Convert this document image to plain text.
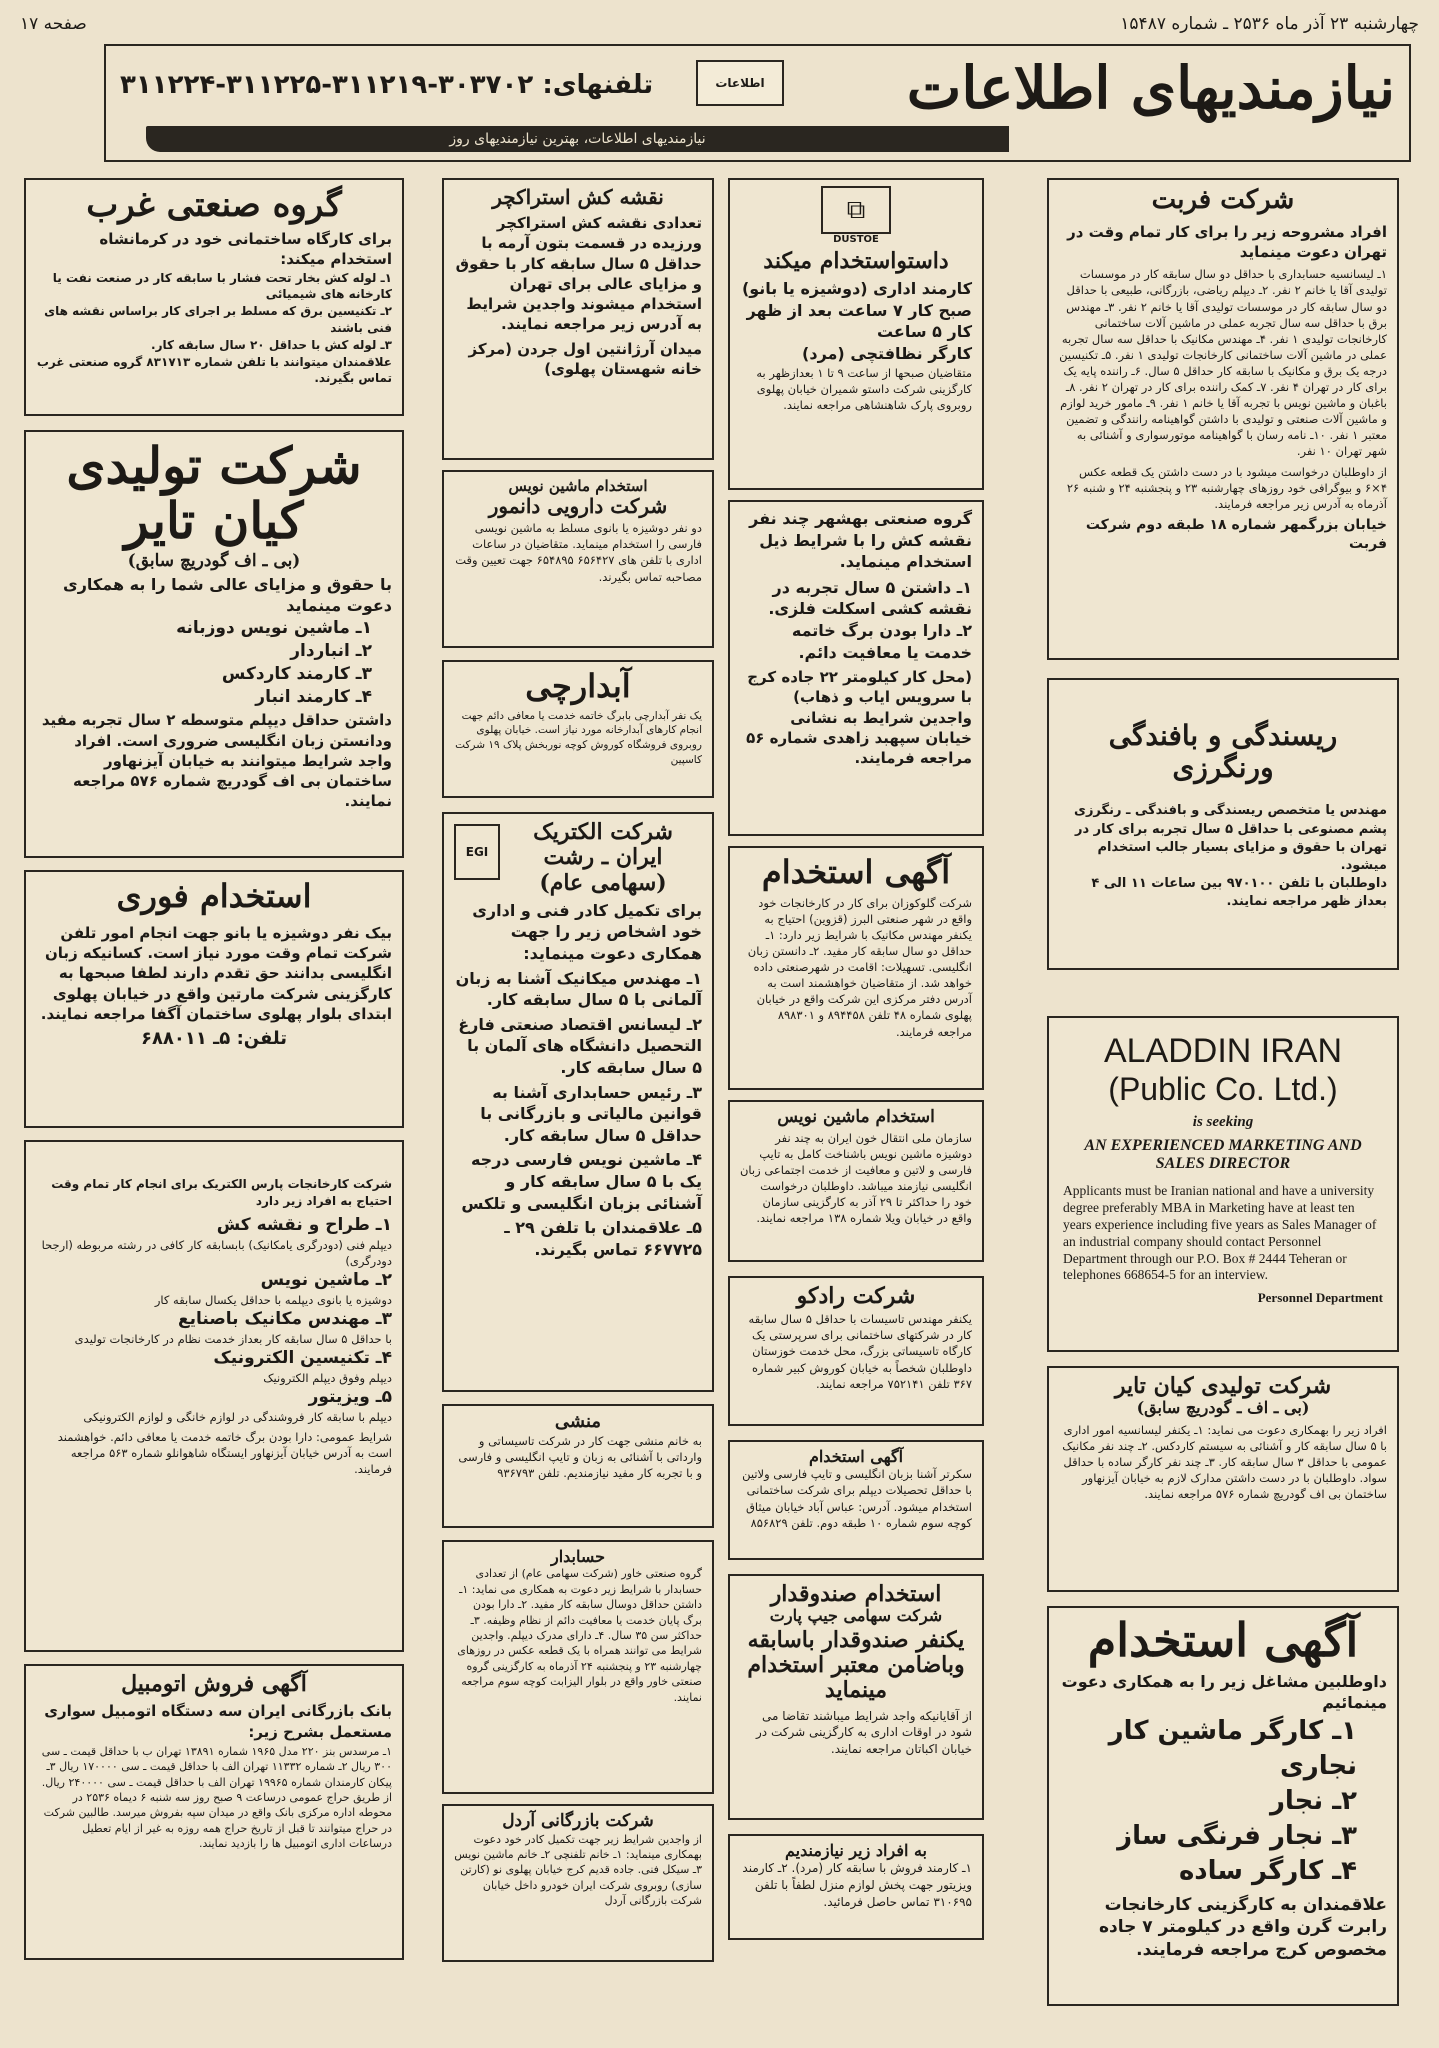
چهارشنبه ۲۳ آذر ماه ۲۵۳۶ ـ شماره ۱۵۴۸۷
صفحه ۱۷
نیازمندیهای اطلاعات
اطلاعات
تلفنهای: ۳۰۳۷۰۲-۳۱۱۲۱۹-۳۱۱۲۲۵-۳۱۱۲۲۴
نیازمندیهای اطلاعات، بهترین نیازمندیهای روز
شرکت فربت
افراد مشروحه زیر را برای کار تمام وقت در تهران دعوت مینماید
۱ـ لیسانسیه حسابداری با حداقل دو سال سابقه کار در موسسات تولیدی آقا یا خانم ۲ نفر. ۲ـ دیپلم ریاضی، بازرگانی، طبیعی با حداقل دو سال سابقه کار در موسسات تولیدی آقا یا خانم ۲ نفر. ۳ـ مهندس برق با حداقل سه سال تجربه عملی در ماشین آلات ساختمانی کارخانجات تولیدی ۱ نفر. ۴ـ مهندس مکانیک با حداقل سه سال تجربه عملی در ماشین آلات ساختمانی کارخانجات تولیدی ۱ نفر. ۵ـ تکنیسین درجه یک برق و مکانیک با سابقه کار حداقل ۵ سال. ۶ـ راننده پایه یک برای کار در تهران ۴ نفر. ۷ـ کمک راننده برای کار در تهران ۲ نفر. ۸ـ باغبان و ماشین نویس با تجربه آقا یا خانم ۱ نفر. ۹ـ مامور خرید لوازم و ماشین آلات صنعتی و تولیدی با داشتن گواهینامه رانندگی و تضمین معتبر ۱ نفر. ۱۰ـ نامه رسان با گواهینامه موتورسواری و آشنائی به شهر تهران ۱۰ نفر.
از داوطلبان درخواست میشود با در دست داشتن یک قطعه عکس ۴×۶ و بیوگرافی خود روزهای چهارشنبه ۲۳ و پنجشنبه ۲۴ و شنبه ۲۶ آذرماه به آدرس زیر مراجعه فرمایند.
خیابان بزرگمهر شماره ۱۸ طبقه دوم شرکت فربت
ریسندگی و بافندگی ورنگرزی
مهندس یا متخصص ریسندگی و بافندگی ـ رنگرزی پشم مصنوعی با حداقل ۵ سال تجربه برای کار در تهران با حقوق و مزایای بسیار جالب استخدام میشود.
داوطلبان با تلفن ۹۷۰۱۰۰ بین ساعات ۱۱ الی ۴ بعداز ظهر مراجعه نمایند.
ALADDIN IRAN
(Public Co. Ltd.)
is seeking
AN EXPERIENCED MARKETING AND SALES DIRECTOR
Applicants must be Iranian national and have a university degree preferably MBA in Marketing have at least ten years experience including five years as Sales Manager of an industrial company should contact Personnel Department through our P.O. Box # 2444 Teheran or telephones 668654-5 for an interview.
Personnel Department
شرکت تولیدی کیان تایر
(بی ـ اف ـ گودریچ سابق)
افراد زیر را بهمکاری دعوت می نماید: ۱ـ یکنفر لیسانسیه امور اداری با ۵ سال سابقه کار و آشنائی به سیستم کاردکس. ۲ـ چند نفر مکانیک عمومی با حداقل ۳ سال سابقه کار. ۳ـ چند نفر کارگر ساده با حداقل سواد. داوطلبان با در دست داشتن مدارک لازم به خیابان آیزنهاور ساختمان بی اف گودریچ شماره ۵۷۶ مراجعه نمایند.
آگهی استخدام
داوطلبین مشاغل زیر را به همکاری دعوت مینمائیم
۱ـ کارگر ماشین کار نجاری
۲ـ نجار
۳ـ نجار فرنگی ساز
۴ـ کارگر ساده
علاقمندان به کارگزینی کارخانجات رابرت گرن واقع در کیلومتر ۷ جاده مخصوص کرج مراجعه فرمایند.
⧉
DUSTOE
داستواستخدام میکند
کارمند اداری (دوشیزه یا بانو) صبح کار ۷ ساعت بعد از ظهر کار ۵ ساعت
کارگر نظافتچی (مرد)
متقاضیان صبحها از ساعت ۹ تا ۱ بعدازظهر به کارگزینی شرکت داستو شمیران خیابان پهلوی روبروی پارک شاهنشاهی مراجعه نمایند.
گروه صنعتی بهشهر چند نفر نقشه کش را با شرایط ذیل استخدام مینماید.
۱ـ داشتن ۵ سال تجربه در نقشه کشی اسکلت فلزی.
۲ـ دارا بودن برگ خاتمه خدمت یا معافیت دائم.
(محل کار کیلومتر ۲۲ جاده کرج با سرویس ایاب و ذهاب) واجدین شرایط به نشانی خیابان سپهبد زاهدی شماره ۵۶ مراجعه فرمایند.
آگهی استخدام
شرکت گلوکوزان برای کار در کارخانجات خود واقع در شهر صنعتی البرز (قزوین) احتیاج به یکنفر مهندس مکانیک با شرایط زیر دارد: ۱ـ حداقل دو سال سابقه کار مفید. ۲ـ دانستن زبان انگلیسی. تسهیلات: اقامت در شهرصنعتی داده خواهد شد. از متقاضیان خواهشمند است به آدرس دفتر مرکزی این شرکت واقع در خیابان پهلوی شماره ۴۸ تلفن ۸۹۴۴۵۸ و ۸۹۸۳۰۱ مراجعه فرمایند.
استخدام ماشین نویس
سازمان ملی انتقال خون ایران به چند نفر دوشیزه ماشین نویس باشناخت کامل به تایپ فارسی و لاتین و معافیت از خدمت اجتماعی زبان انگلیسی نیازمند میباشد. داوطلبان درخواست خود را حداکثر تا ۲۹ آذر به کارگزینی سازمان واقع در خیابان ویلا شماره ۱۳۸ مراجعه نمایند.
شرکت رادکو
یکنفر مهندس تاسیسات با حداقل ۵ سال سابقه کار در شرکتهای ساختمانی برای سرپرستی یک کارگاه تاسیساتی بزرگ، محل خدمت خوزستان داوطلبان شخصاً به خیابان کوروش کبیر شماره ۳۶۷ تلفن ۷۵۲۱۴۱ مراجعه نمایند.
آگهی استخدام
سکرتر آشنا بزبان انگلیسی و تایپ فارسی ولاتین با حداقل تحصیلات دیپلم برای شرکت ساختمانی استخدام میشود. آدرس: عباس آباد خیابان میثاق کوچه سوم شماره ۱۰ طبقه دوم. تلفن ۸۵۶۸۲۹
استخدام صندوقدار
شرکت سهامی جیپ پارت
یکنفر صندوقدار باسابقه وباضامن معتبر استخدام مینماید
از آقایانیکه واجد شرایط میباشند تقاضا می شود در اوقات اداری به کارگزینی شرکت در خیابان اکباتان مراجعه نمایند.
به افراد زیر نیازمندیم
۱ـ کارمند فروش با سابقه کار (مرد). ۲ـ کارمند ویزیتور جهت پخش لوازم منزل لطفاً با تلفن ۳۱۰۶۹۵ تماس حاصل فرمائید.
نقشه کش استراکچر
تعدادی نقشه کش استراکچر ورزیده در قسمت بتون آرمه با حداقل ۵ سال سابقه کار با حقوق و مزایای عالی برای تهران استخدام میشوند واجدین شرایط به آدرس زیر مراجعه نمایند.
میدان آرژانتین اول جردن (مرکز خانه شهستان پهلوی)
استخدام ماشین نویس
شرکت دارویی دانمور
دو نفر دوشیزه یا بانوی مسلط به ماشین نویسی فارسی را استخدام مینماید. متقاضیان در ساعات اداری با تلفن های ۶۵۶۴۲۷ ۶۵۴۸۹۵ جهت تعیین وقت مصاحبه تماس بگیرند.
آبدارچی
یک نفر آبدارچی بابرگ خاتمه خدمت یا معافی دائم جهت انجام کارهای آبدارخانه مورد نیاز است. خیابان پهلوی روبروی فروشگاه کوروش کوچه نوربخش پلاک ۱۹ شرکت کاسپین
EGI
شرکت الکتریک ایران ـ رشت (سهامی عام)
برای تکمیل کادر فنی و اداری خود اشخاص زیر را جهت همکاری دعوت مینماید:
۱ـ مهندس میکانیک آشنا به زبان آلمانی با ۵ سال سابقه کار.
۲ـ لیسانس اقتصاد صنعتی فارغ التحصیل دانشگاه های آلمان با ۵ سال سابقه کار.
۳ـ رئیس حسابداری آشنا به قوانین مالیاتی و بازرگانی با حداقل ۵ سال سابقه کار.
۴ـ ماشین نویس فارسی درجه یک با ۵ سال سابقه کار و آشنائی بزبان انگلیسی و تلکس
۵ـ علاقمندان با تلفن ۲۹ ـ ۶۶۷۷۲۵ تماس بگیرند.
منشی
به خانم منشی جهت کار در شرکت تاسیساتی و وارداتی با آشنائی به زبان و تایپ انگلیسی و فارسی و با تجربه کار مفید نیازمندیم. تلفن ۹۳۶۷۹۳
حسابدار
گروه صنعتی خاور (شرکت سهامی عام) از تعدادی حسابدار با شرایط زیر دعوت به همکاری می نماید: ۱ـ داشتن حداقل دوسال سابقه کار مفید. ۲ـ دارا بودن برگ پایان خدمت یا معافیت دائم از نظام وظیفه. ۳ـ حداکثر سن ۳۵ سال. ۴ـ دارای مدرک دیپلم. واجدین شرایط می توانند همراه با یک قطعه عکس در روزهای چهارشنبه ۲۳ و پنجشنبه ۲۴ آذرماه به کارگزینی گروه صنعتی خاور واقع در بلوار الیزابت کوچه سوم مراجعه نمایند.
شرکت بازرگانی آردل
از واجدین شرایط زیر جهت تکمیل کادر خود دعوت بهمکاری مینماید: ۱ـ خانم تلفنچی ۲ـ خانم ماشین نویس ۳ـ سیکل فنی. جاده قدیم کرج خیابان پهلوی نو (کارتن سازی) روبروی شرکت ایران خودرو داخل خیابان شرکت بازرگانی آردل
گروه صنعتی غرب
برای کارگاه ساختمانی خود در کرمانشاه استخدام میکند:
۱ـ لوله کش بخار تحت فشار با سابقه کار در صنعت نفت یا کارخانه های شیمیائی
۲ـ تکنیسین برق که مسلط بر اجرای کار براساس نقشه های فنی باشند
۳ـ لوله کش با حداقل ۲۰ سال سابقه کار.
علاقمندان میتوانند با تلفن شماره ۸۳۱۷۱۳ گروه صنعتی غرب تماس بگیرند.
شرکت تولیدی کیان تایر
(بی ـ اف گودریچ سابق)
با حقوق و مزایای عالی شما را به همکاری دعوت مینماید
۱ـ ماشین نویس دوزبانه
۲ـ انباردار
۳ـ کارمند کاردکس
۴ـ کارمند انبار
داشتن حداقل دیپلم متوسطه ۲ سال تجربه مفید ودانستن زبان انگلیسی ضروری است. افراد واجد شرایط میتوانند به خیابان آیزنهاور ساختمان بی اف گودریچ شماره ۵۷۶ مراجعه نمایند.
استخدام فوری
بیک نفر دوشیزه یا بانو جهت انجام امور تلفن شرکت تمام وقت مورد نیاز است. کسانیکه زبان انگلیسی بدانند حق تقدم دارند لطفا صبحها به کارگزینی شرکت مارتین واقع در خیابان پهلوی ابتدای بلوار پهلوی ساختمان آگفا مراجعه نمایند.
تلفن: ۵ـ ۶۸۸۰۱۱
شرکت کارخانجات پارس الکتریک برای انجام کار تمام وقت احتیاج به افراد زیر دارد
۱ـ طراح و نقشه کش
دیپلم فنی (دودرگری یامکانیک) بابسابقه کار کافی در رشته مربوطه (ارجحا دودرگری)
۲ـ ماشین نویس
دوشیزه یا بانوی دیپلمه با حداقل یکسال سابقه کار
۳ـ مهندس مکانیک باصنایع
با حداقل ۵ سال سابقه کار بعداز خدمت نظام در کارخانجات تولیدی
۴ـ تکنیسین الکترونیک
دیپلم وفوق دیپلم الکترونیک
۵ـ ویزیتور
دیپلم با سابقه کار فروشندگی در لوازم خانگی و لوازم الکترونیکی
شرایط عمومی: دارا بودن برگ خاتمه خدمت یا معافی دائم. خواهشمند است به آدرس خیابان آیزنهاور ایستگاه شاهوانلو شماره ۵۶۳ مراجعه فرمایند.
آگهی فروش اتومبیل
بانک بازرگانی ایران سه دستگاه اتومبیل سواری مستعمل بشرح زیر:
۱ـ مرسدس بنز ۲۲۰ مدل ۱۹۶۵ شماره ۱۳۸۹۱ تهران ب با حداقل قیمت ـ سی ۳۰۰ ریال ۲ـ شماره ۱۱۳۳۲ تهران الف با حداقل قیمت ـ سی ۱۷۰۰۰۰ ریال ۳ـ پیکان کارمندان شماره ۱۹۹۶۵ تهران الف با حداقل قیمت ـ سی ۲۴۰۰۰۰ ریال. از طریق حراج عمومی درساعت ۹ صبح روز سه شنبه ۶ دیماه ۲۵۳۶ در محوطه اداره مرکزی بانک واقع در میدان سپه بفروش میرسد. طالبین شرکت در حراج میتوانند تا قبل از تاریخ حراج همه روزه به غیر از ایام تعطیل درساعات اداری اتومبیل ها را بازدید نمایند.
